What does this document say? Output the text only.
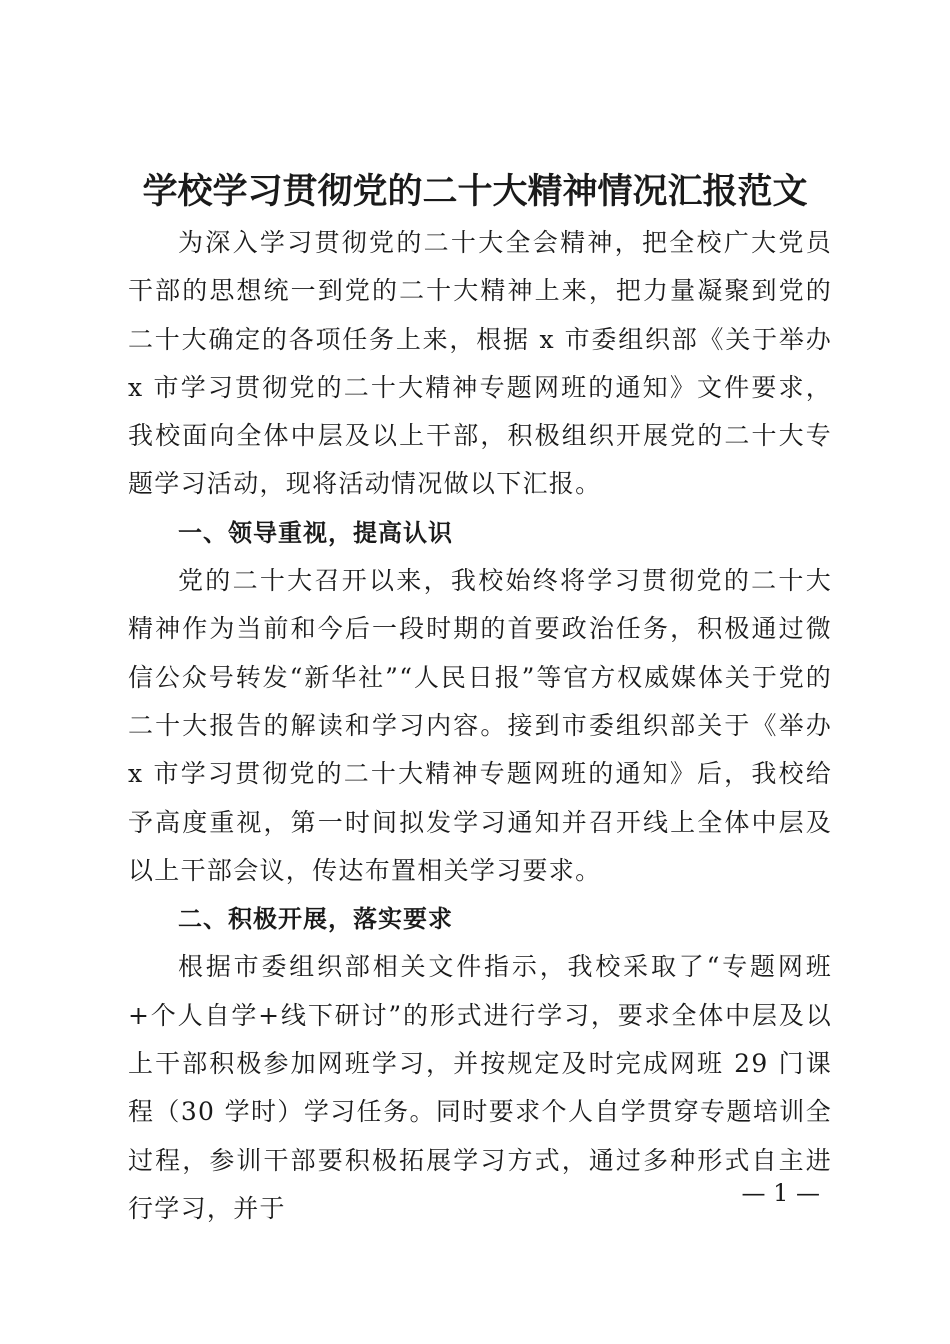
学校学习贯彻党的二十大精神情况汇报范文

为深入学习贯彻党的二十大全会精神，把全校广大党员干部的思想统一到党的二十大精神上来，把力量凝聚到党的二十大确定的各项任务上来，根据 x 市委组织部《关于举办 x 市学习贯彻党的二十大精神专题网班的通知》文件要求，我校面向全体中层及以上干部，积极组织开展党的二十大专题学习活动，现将活动情况做以下汇报。

一、领导重视，提高认识

党的二十大召开以来，我校始终将学习贯彻党的二十大精神作为当前和今后一段时期的首要政治任务，积极通过微信公众号转发“新华社”“人民日报”等官方权威媒体关于党的二十大报告的解读和学习内容。接到市委组织部关于《举办 x 市学习贯彻党的二十大精神专题网班的通知》后，我校给予高度重视，第一时间拟发学习通知并召开线上全体中层及以上干部会议，传达布置相关学习要求。

二、积极开展，落实要求

根据市委组织部相关文件指示，我校采取了“专题网班+个人自学+线下研讨”的形式进行学习，要求全体中层及以上干部积极参加网班学习，并按规定及时完成网班 29 门课程（30 学时）学习任务。同时要求个人自学贯穿专题培训全过程，参训干部要积极拓展学习方式，通过多种形式自主进行学习，并于

— 1 —
